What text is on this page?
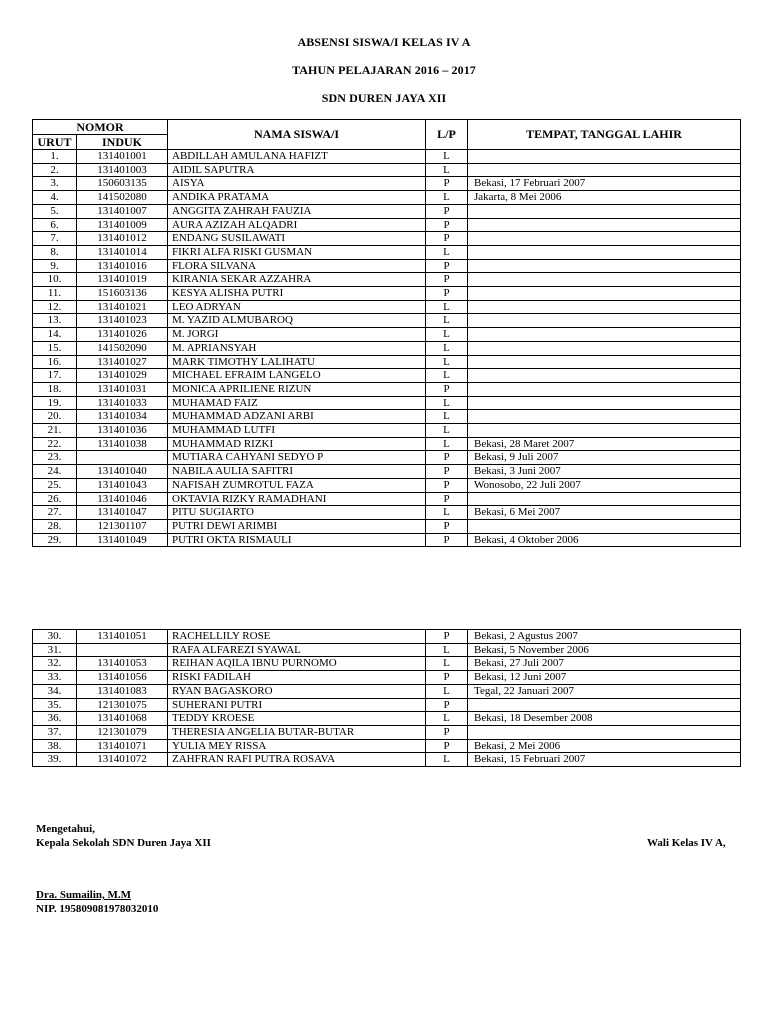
ABSENSI SISWA/I KELAS IV A
TAHUN PELAJARAN 2016 – 2017
SDN DUREN JAYA XII
NOMOR		NAMA SISWA/I	L/P	TEMPAT, TANGGAL LAHIR
URUT	INDUK			
1.	131401001	ABDILLAH AMULANA HAFIZT	L	
2.	131401003	AIDIL SAPUTRA	L	
3.	150603135	AISYA	P	Bekasi, 17 Februari 2007
4.	141502080	ANDIKA PRATAMA	L	Jakarta, 8 Mei 2006
5.	131401007	ANGGITA ZAHRAH FAUZIA	P	
6.	131401009	AURA AZIZAH ALQADRI	P	
7.	131401012	ENDANG SUSILAWATI	P	
8.	131401014	FIKRI ALFA RISKI GUSMAN	L	
9.	131401016	FLORA SILVANA	P	
10.	131401019	KIRANIA SEKAR AZZAHRA	P	
11.	151603136	KESYA ALISHA PUTRI	P	
12.	131401021	LEO ADRYAN	L	
13.	131401023	M. YAZID ALMUBAROQ	L	
14.	131401026	M. JORGI	L	
15.	141502090	M. APRIANSYAH	L	
16.	131401027	MARK TIMOTHY LALIHATU	L	
17.	131401029	MICHAEL EFRAIM LANGELO	L	
18.	131401031	MONICA APRILIENE RIZUN	P	
19.	131401033	MUHAMAD FAIZ	L	
20.	131401034	MUHAMMAD ADZANI ARBI	L	
21.	131401036	MUHAMMAD LUTFI	L	
22.	131401038	MUHAMMAD RIZKI	L	Bekasi, 28 Maret 2007
23.		MUTIARA CAHYANI SEDYO P	P	Bekasi, 9 Juli 2007
24.	131401040	NABILA AULIA SAFITRI	P	Bekasi, 3 Juni 2007
25.	131401043	NAFISAH ZUMROTUL FAZA	P	Wonosobo, 22 Juli 2007
26.	131401046	OKTAVIA RIZKY RAMADHANI	P	
27.	131401047	PITU SUGIARTO	L	Bekasi, 6 Mei 2007
28.	121301107	PUTRI DEWI ARIMBI	P	
29.	131401049	PUTRI OKTA RISMAULI	P	Bekasi, 4 Oktober 2006
30.	131401051	RACHELLILY ROSE	P	Bekasi, 2 Agustus 2007
31.		RAFA ALFAREZI SYAWAL	L	Bekasi, 5 November 2006
32.	131401053	REIHAN AQILA IBNU PURNOMO	L	Bekasi, 27 Juli 2007
33.	131401056	RISKI FADILAH	P	Bekasi, 12 Juni 2007
34.	131401083	RYAN BAGASKORO	L	Tegal, 22 Januari 2007
35.	121301075	SUHERANI PUTRI	P	
36.	131401068	TEDDY KROESE	L	Bekasi, 18 Desember 2008
37.	121301079	THERESIA ANGELIA BUTAR-BUTAR	P	
38.	131401071	YULIA MEY RISSA	P	Bekasi, 2 Mei 2006
39.	131401072	ZAHFRAN RAFI PUTRA ROSAVA	L	Bekasi, 15 Februari 2007
Mengetahui,
Kepala Sekolah SDN Duren Jaya XII	Wali Kelas IV A,
Dra. Sumailin, M.M
NIP. 195809081978032010
